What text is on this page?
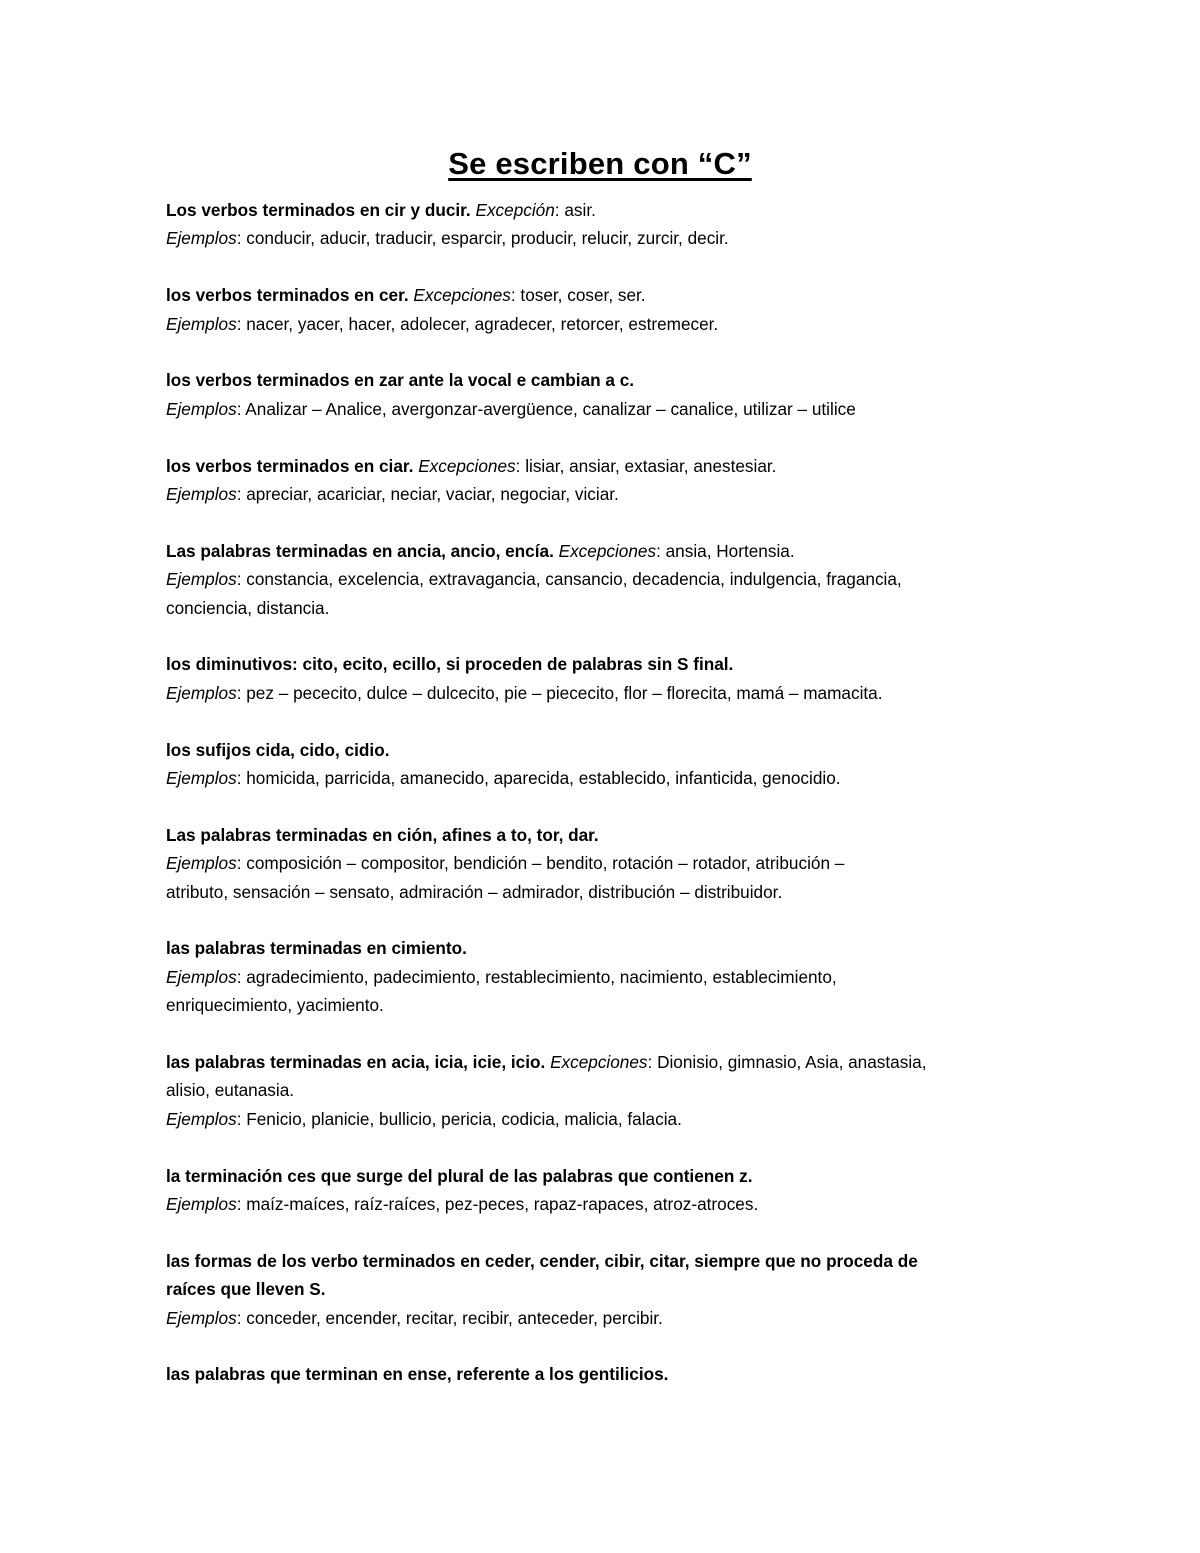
Se escriben con “C”
Los verbos terminados en cir y ducir. Excepción: asir.
Ejemplos: conducir, aducir, traducir, esparcir, producir, relucir, zurcir, decir.
los verbos terminados en cer. Excepciones: toser, coser, ser.
Ejemplos: nacer, yacer, hacer, adolecer, agradecer, retorcer, estremecer.
los verbos terminados en zar ante la vocal e cambian a c.
Ejemplos: Analizar – Analice, avergonzar-avergüence, canalizar – canalice, utilizar – utilice
los verbos terminados en ciar. Excepciones: lisiar, ansiar, extasiar, anestesiar.
Ejemplos: apreciar, acariciar, neciar, vaciar, negociar, viciar.
Las palabras terminadas en ancia, ancio, encía. Excepciones: ansia, Hortensia.
Ejemplos: constancia, excelencia, extravagancia, cansancio, decadencia, indulgencia, fragancia,
conciencia, distancia.
los diminutivos: cito, ecito, ecillo, si proceden de palabras sin S final.
Ejemplos: pez – pececito, dulce – dulcecito, pie – piececito, flor – florecita, mamá – mamacita.
los sufijos cida, cido, cidio.
Ejemplos: homicida, parricida, amanecido, aparecida, establecido, infanticida, genocidio.
Las palabras terminadas en ción, afines a to, tor, dar.
Ejemplos: composición – compositor, bendición – bendito, rotación – rotador, atribución –
atributo, sensación – sensato, admiración – admirador, distribución – distribuidor.
las palabras terminadas en cimiento.
Ejemplos: agradecimiento, padecimiento, restablecimiento, nacimiento, establecimiento,
enriquecimiento, yacimiento.
las palabras terminadas en acia, icia, icie, icio. Excepciones: Dionisio, gimnasio, Asia, anastasia,
alisio, eutanasia.
Ejemplos: Fenicio, planicie, bullicio, pericia, codicia, malicia, falacia.
la terminación ces que surge del plural de las palabras que contienen z.
Ejemplos: maíz-maíces, raíz-raíces, pez-peces, rapaz-rapaces, atroz-atroces.
las formas de los verbo terminados en ceder, cender, cibir, citar, siempre que no proceda de
raíces que lleven S.
Ejemplos: conceder, encender, recitar, recibir, anteceder, percibir.
las palabras que terminan en ense, referente a los gentilicios.
